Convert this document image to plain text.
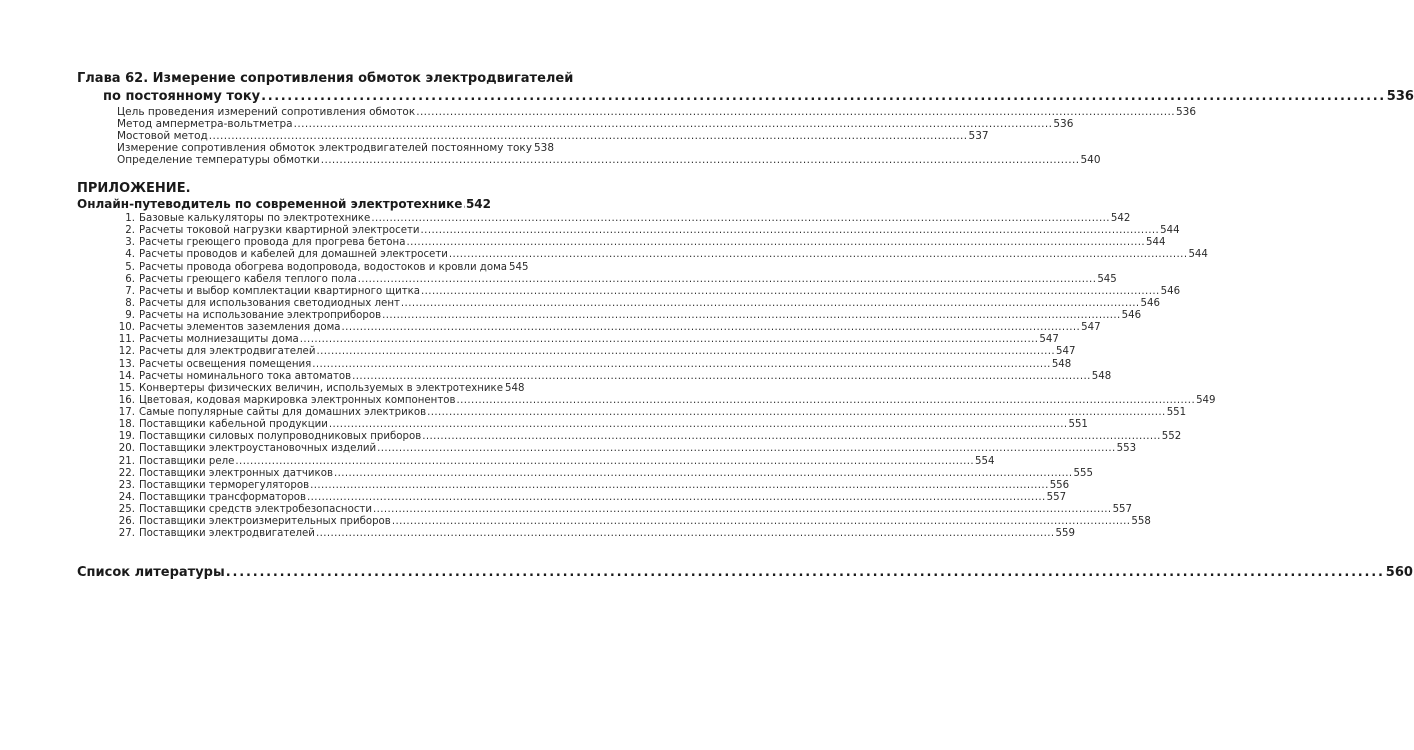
Глава 62. Измерение сопротивления обмоток электродвигателей
по постоянному току .....	536
Цель проведения измерений сопротивления обмоток .....	536
Метод амперметра-вольтметра .....	536
Мостовой метод .....	537
Измерение сопротивления обмоток электродвигателей постоянному току 538
Определение температуры обмотки .....	540
ПРИЛОЖЕНИЕ.
Онлайн-путеводитель по современной электротехнике ..... 542
1. Базовые калькуляторы по электротехнике .....	542
2. Расчеты токовой нагрузки квартирной электросети .....	544
3. Расчеты греющего провода для прогрева бетона .....	544
4. Расчеты проводов и кабелей для домашней электросети .....	544
5. Расчеты провода обогрева водопровода, водостоков и кровли дома 545
6. Расчеты греющего кабеля теплого пола .....	545
7. Расчеты и выбор комплектации квартирного щитка .....	546
8. Расчеты для использования светодиодных лент .....	546
9. Расчеты на использование электроприборов .....	546
10. Расчеты элементов заземления дома .....	547
11. Расчеты молниезащиты дома .....	547
12. Расчеты для электродвигателей .....	547
13. Расчеты освещения помещения .....	548
14. Расчеты номинального тока автоматов .....	548
15. Конвертеры физических величин, используемых в электротехнике 548
16. Цветовая, кодовая маркировка электронных компонентов .....	549
17. Самые популярные сайты для домашних электриков .....	551
18. Поставщики кабельной продукции .....	551
19. Поставщики силовых полупроводниковых приборов .....	552
20. Поставщики электроустановочных изделий .....	553
21. Поставщики реле .....	554
22. Поставщики электронных датчиков .....	555
23. Поставщики терморегуляторов .....	556
24. Поставщики трансформаторов .....	557
25. Поставщики средств электробезопасности .....	557
26. Поставщики электроизмерительных приборов .....	558
27. Поставщики электродвигателей .....	559
Список литературы .....	560
